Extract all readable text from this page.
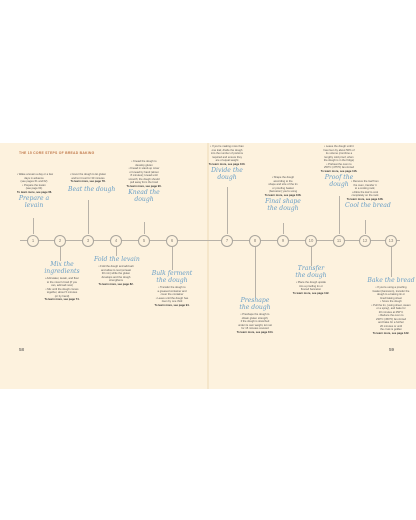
THE 15 CORE STEPS OF BREAD BAKING
1	2	3	4	5	6	7	8	9	10	11	12	13
• Wake a levain a day or a few
days in advance
(see pages 61 and 62)
• Prepare the levain
(see page 64)
To learn more, see page 66.
Prepare a
levain
Mix the
ingredients
• Add water, levain, and flour
to the mixer's bowl (if you
can, add salt now)
• Mix until the dough comes
together, about 5 minutes
(or by hand)
To learn more, see page 74.
• Cover the dough to let gluten
and let it rest for 30 minutes
To learn more, see page 78.
Beat the dough
Fold the levain
• Fold the dough and add salt
and allow to rest (at least
30 min) while the gluten
develops and the dough
strengthens
To learn more, see page 82.
• Knead the dough to
develop gluten
• Knead in stand-up mixer
or knead by hand (about
8 minutes); knead until
smooth; the dough should
pull away from the bowl
To learn more, see page 90.
Knead the
dough
Bulk ferment
the dough
• Transfer the dough to
a greased container and
cover the container
• Leave until the dough has
risen by one third
To learn more, see page 94.
• If you're making more than
one loaf, divide the dough
into the number of portions
required and ensure they
are of equal weight
To learn more, see page 100.
Divide the
dough
Preshape
the dough
• Preshape the dough to
obtain gluten strength;
if the dough is stretched
under its own weight, let rest
for 15 minutes covered
To learn more, see page 104.
• Shape the dough
according to the
shape and size of the tin
or proofing basket
(banneton) you're using
To learn more, see page 108.
Final shape
the dough
Transfer
the dough
• Place the dough upside
into a proofing tin or
floured banneton
To learn more, see page 112.
• Leave the dough until it
has risen by about 50% of
its volume (combine a
lengthy cold proof, when
the dough is in the fridge)
• Preheat the oven to
250°C (475°F) fan-forced
To learn more, see page 116.
Proof the
dough • Remove the loaf from
the oven, transfer it
to a cooling rack;
• Allow the loaf to cool
completely on the rack
To learn more, see page 128.
Cool the bread
Bake the bread
• If you're using a proofing
basket (banneton), transfer the
dough to a baking tin or
lined baking sheet
• Score the dough
• Pull the tin, (using sheet, steam
or a spray), and bake for
20 minutes at 250°C
• Reduce the oven to
230°C (450°F) fan-forced
and bake for a further
20 minutes or until
the crust is golden
To learn more, see page 122.
58	59
